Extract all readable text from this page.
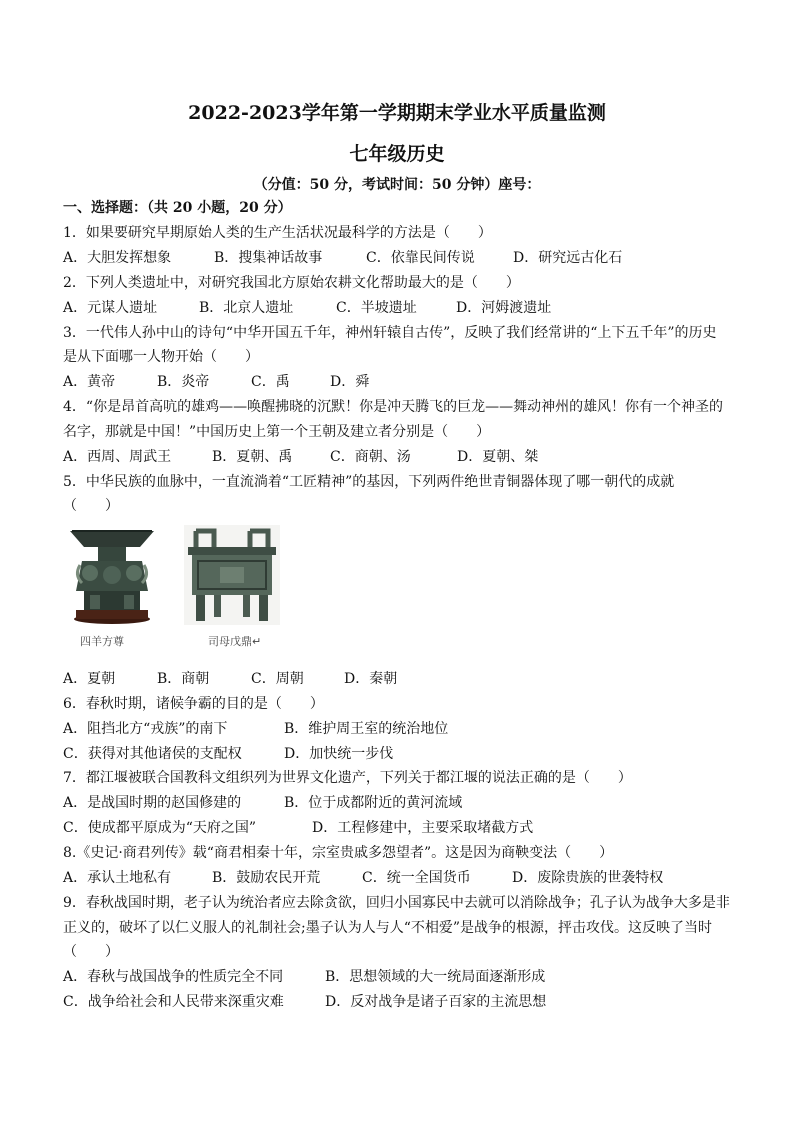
2022-2023学年第一学期期末学业水平质量监测
七年级历史
（分值：50 分，考试时间：50 分钟）座号：
一、选择题：（共 20 小题，20 分）
1．如果要研究早期原始人类的生产生活状况最科学的方法是（　　）
A．大胆发挥想象	B．搜集神话故事	C．依靠民间传说	D．研究远古化石
2．下列人类遗址中，对研究我国北方原始农耕文化帮助最大的是（　　）
A．元谋人遗址	B．北京人遗址	C．半坡遗址	D．河姆渡遗址
3．一代伟人孙中山的诗句“中华开国五千年，神州轩辕自古传”，反映了我们经常讲的“上下五千年”的历史
是从下面哪一人物开始（　　）
A．黄帝	B．炎帝	C．禹	D．舜
4．“你是昂首高吭的雄鸡——唤醒拂晓的沉默！你是冲天腾飞的巨龙——舞动神州的雄风！你有一个神圣的
名字，那就是中国！”中国历史上第一个王朝及建立者分别是（　　）
A．西周、周武王	B．夏朝、禹	C．商朝、汤	D．夏朝、桀
5．中华民族的血脉中，一直流淌着“工匠精神”的基因，下列两件绝世青铜器体现了哪一朝代的成就
（　　）
四羊方尊	司母戊鼎↵
A．夏朝	B．商朝	C．周朝	D．秦朝
6．春秋时期，诸候争霸的目的是（　　）
A．阻挡北方“戎族”的南下	B．维护周王室的统治地位
C．获得对其他诸侯的支配权	D．加快统一步伐
7．都江堰被联合国教科文组织列为世界文化遗产，下列关于都江堰的说法正确的是（　　）
A．是战国时期的赵国修建的	B．位于成都附近的黄河流域
C．使成都平原成为“天府之国”	D．工程修建中，主要采取堵截方式
8.《史记·商君列传》载“商君相秦十年，宗室贵戚多怨望者”。这是因为商鞅变法（　　）
A．承认土地私有	B．鼓励农民开荒	C．统一全国货币	D．废除贵族的世袭特权
9．春秋战国时期，老子认为统治者应去除贪欲，回归小国寡民中去就可以消除战争；孔子认为战争大多是非
正义的，破坏了以仁义服人的礼制社会;墨子认为人与人“不相爱”是战争的根源，抨击攻伐。这反映了当时
（　　）
A．春秋与战国战争的性质完全不同	B．思想领域的大一统局面逐渐形成
C．战争给社会和人民带来深重灾难	D．反对战争是诸子百家的主流思想
